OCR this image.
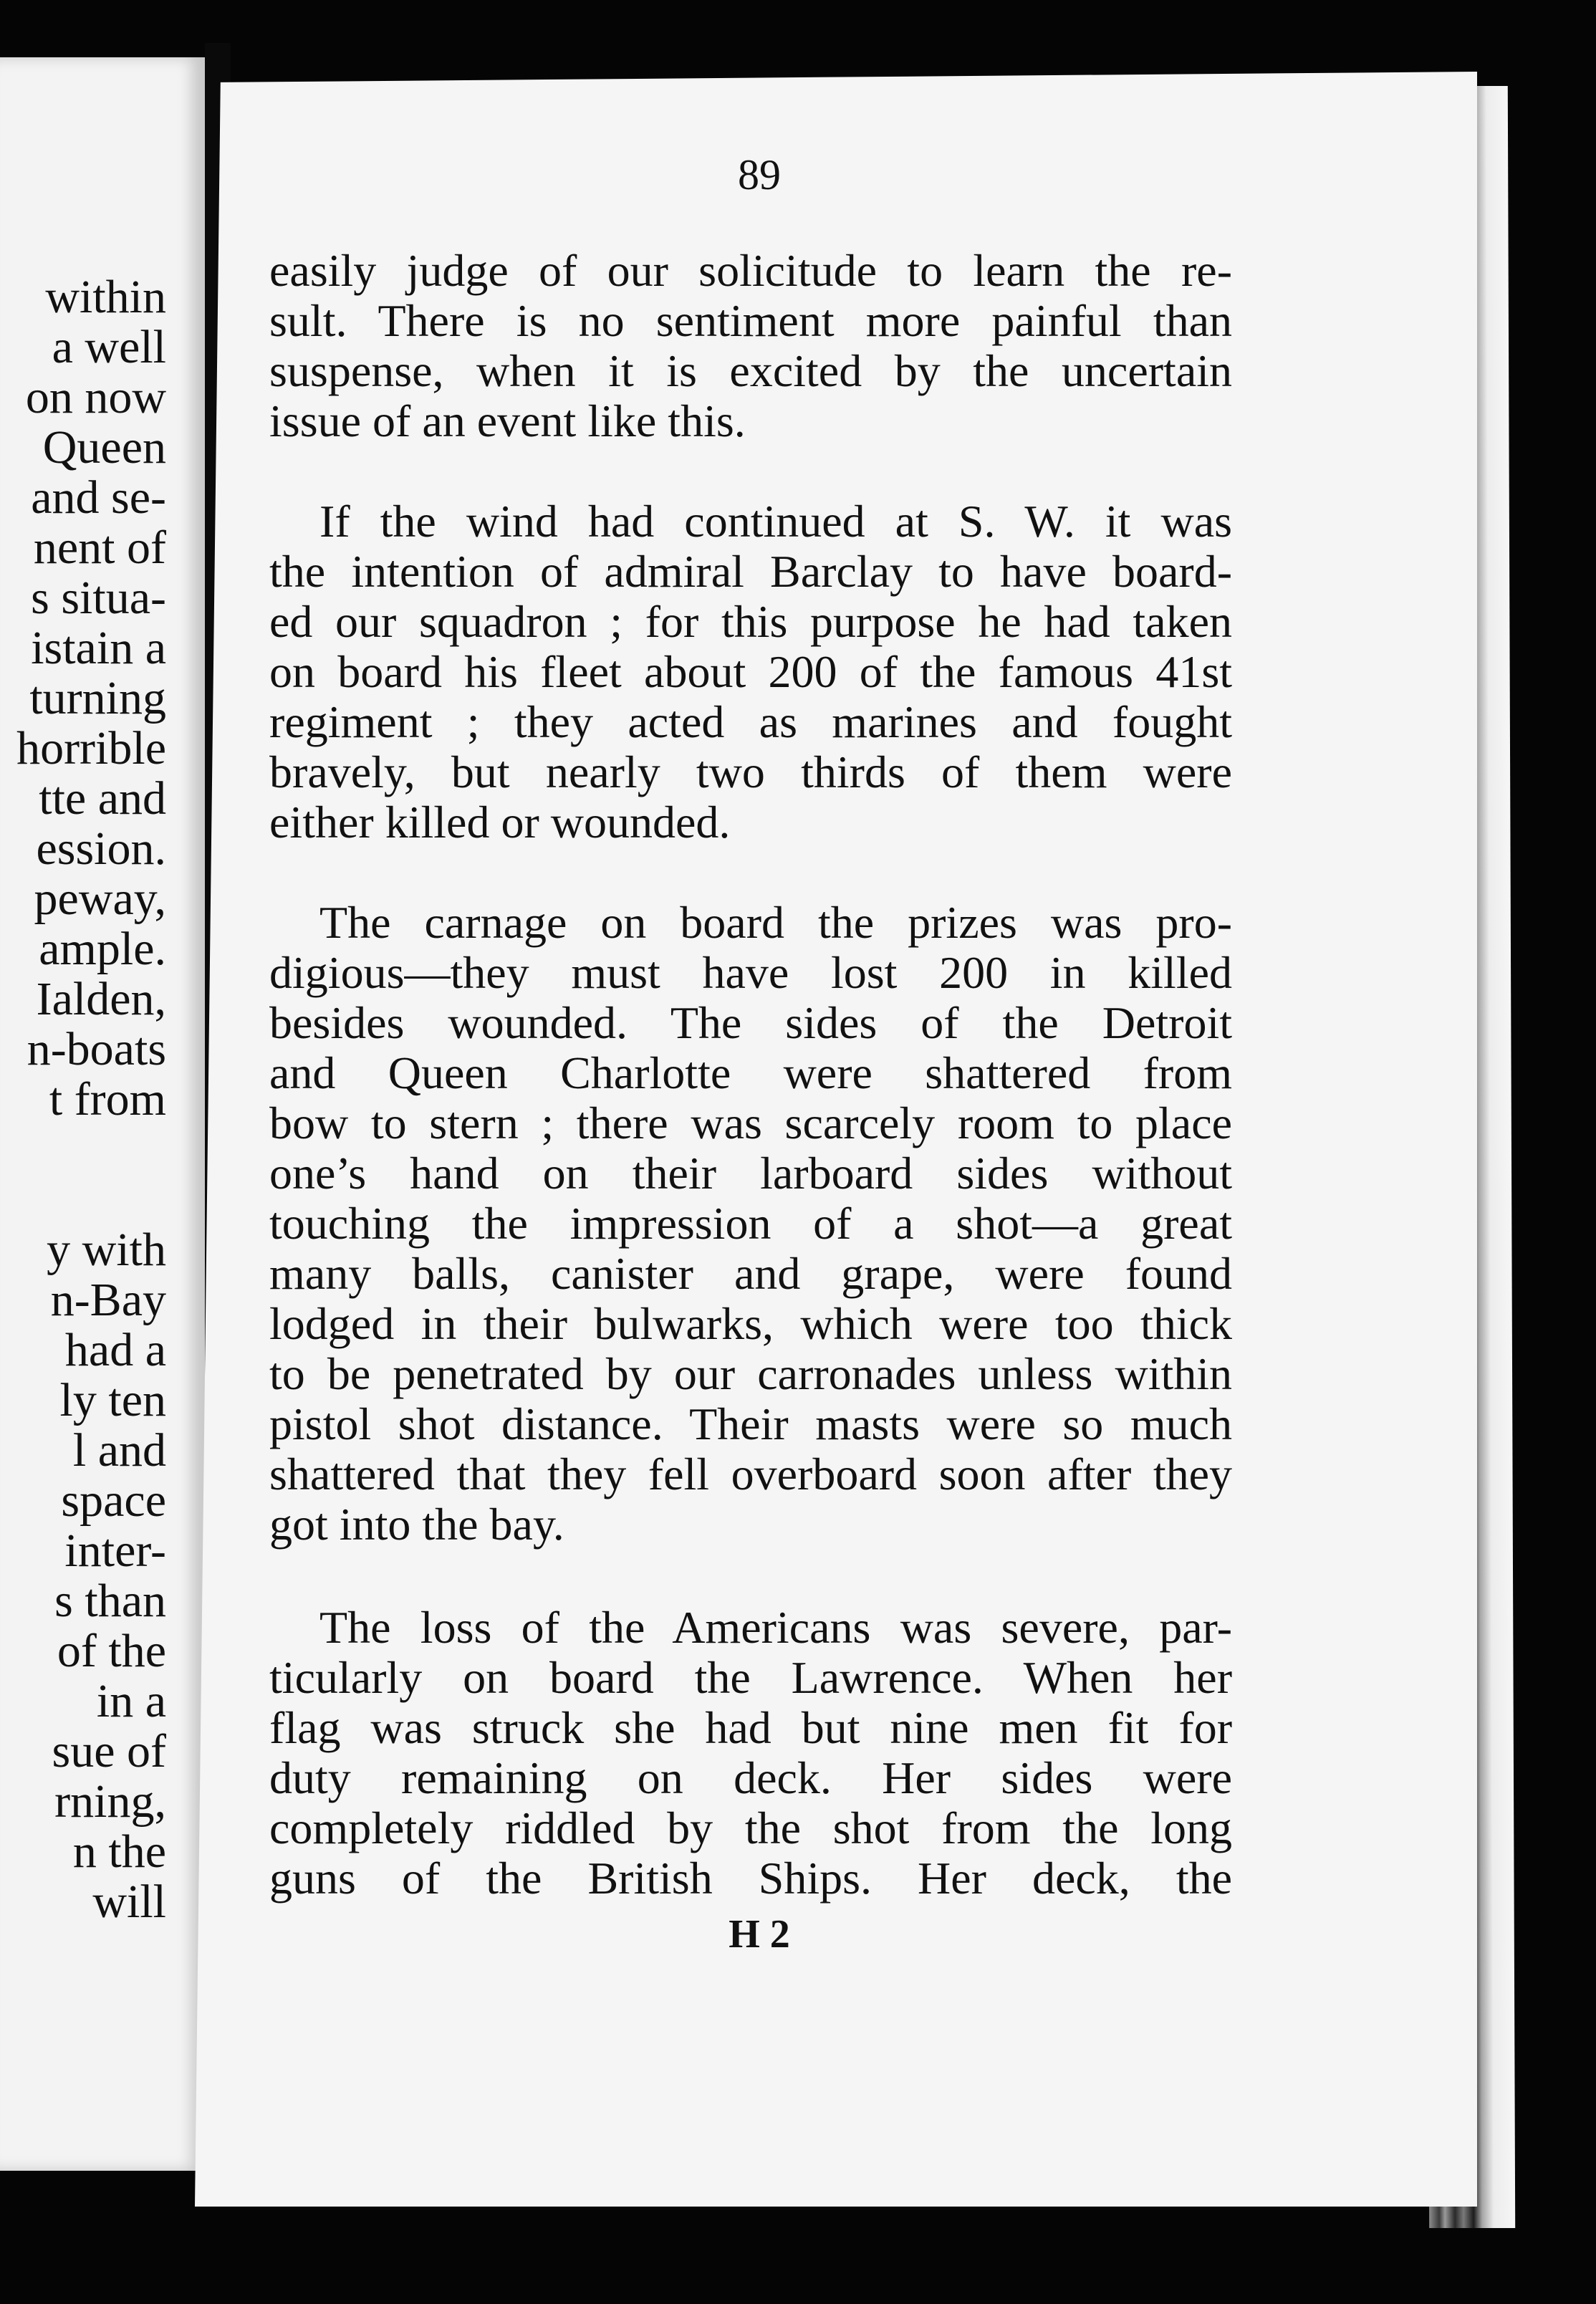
within
a well
on now
Queen
and se-
nent of
s situa-
istain a
turning
horrible
tte and
ession.
peway,
ample.
Ialden,
n-boats
t from
y with
n-Bay
had a
ly ten
l and
space
inter-
s than
of the
in a
sue of
rning,
n the
will
89
easily judge of our solicitude to learn the re-
sult. There is no sentiment more painful than
suspense, when it is excited by the uncertain
issue of an event like this.
If the wind had continued at S. W. it was
the intention of admiral Barclay to have board-
ed our squadron ; for this purpose he had taken
on board his fleet about 200 of the famous 41st
regiment ; they acted as marines and fought
bravely, but nearly two thirds of them were
either killed or wounded.
The carnage on board the prizes was pro-
digious—they must have lost 200 in killed
besides wounded. The sides of the Detroit
and Queen Charlotte were shattered from
bow to stern ; there was scarcely room to place
one’s hand on their larboard sides without
touching the impression of a shot—a great
many balls, canister and grape, were found
lodged in their bulwarks, which were too thick
to be penetrated by our carronades unless within
pistol shot distance. Their masts were so much
shattered that they fell overboard soon after they
got into the bay.
The loss of the Americans was severe, par-
ticularly on board the Lawrence. When her
flag was struck she had but nine men fit for
duty remaining on deck. Her sides were
completely riddled by the shot from the long
guns of the British Ships. Her deck, the
H 2
